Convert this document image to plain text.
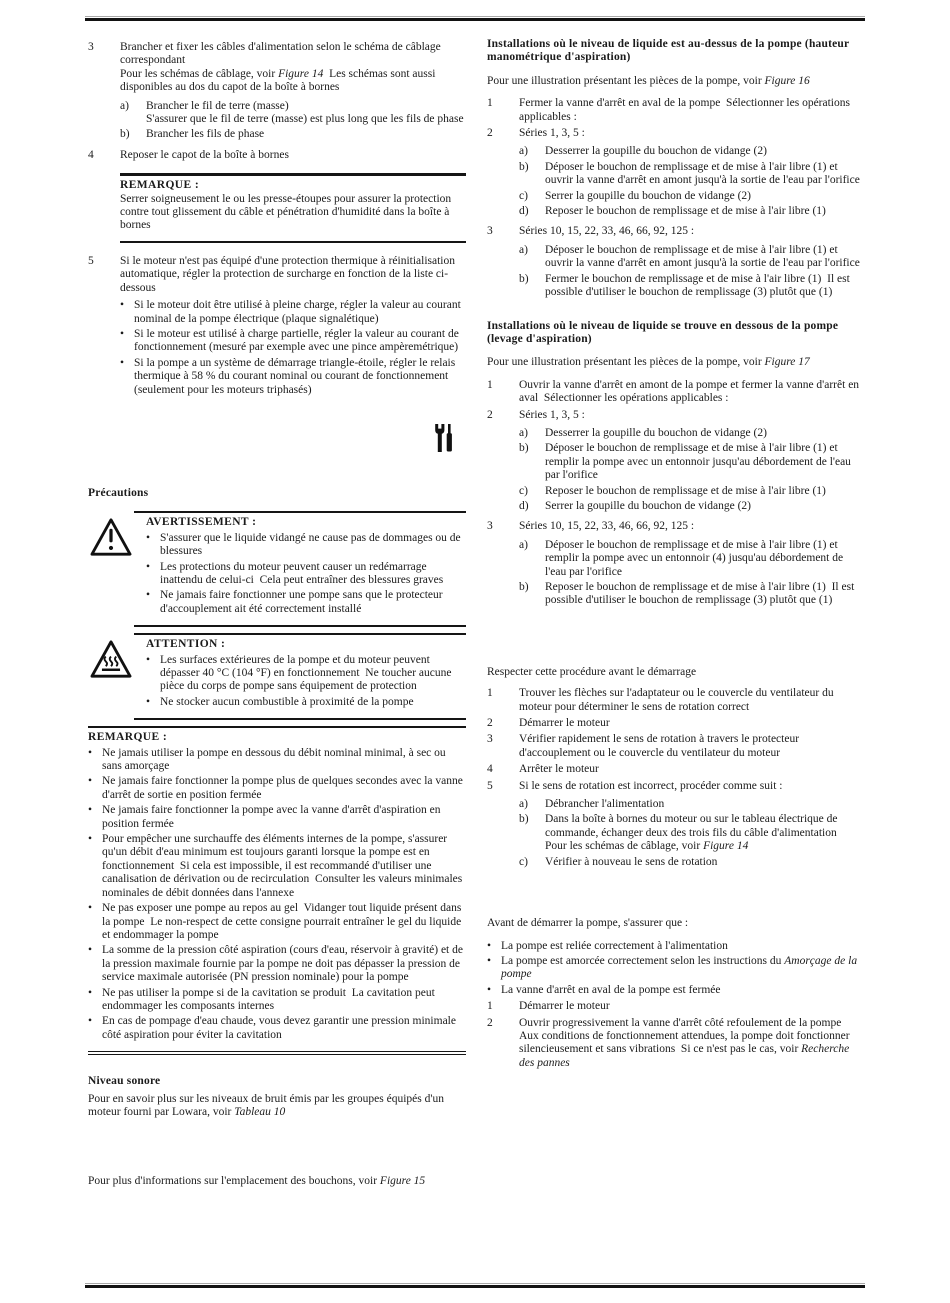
3	Brancher et fixer les câbles d'alimentation selon le schéma de câblage correspondant
Pour les schémas de câblage, voir Figure 14  Les schémas sont aussi disponibles au dos du capot de la boîte à bornes
a)	Brancher le fil de terre (masse)
S'assurer que le fil de terre (masse) est plus long que les fils de phase
b)	Brancher les fils de phase
4	Reposer le capot de la boîte à bornes
REMARQUE :
Serrer soigneusement le ou les presse-étoupes pour assurer la protection contre tout glissement du câble et pénétration d'humidité dans la boîte à bornes
5	Si le moteur n'est pas équipé d'une protection thermique à réinitialisation automatique, régler la protection de surcharge en fonction de la liste ci-dessous
• Si le moteur doit être utilisé à pleine charge, régler la valeur au courant nominal de la pompe électrique (plaque signalétique)
• Si le moteur est utilisé à charge partielle, régler la valeur au courant de fonctionnement (mesuré par exemple avec une pince ampèremétrique)
• Si la pompe a un système de démarrage triangle-étoile, régler le relais thermique à 58 % du courant nominal ou courant de fonctionnement (seulement pour les moteurs triphasés)
Précautions
AVERTISSEMENT :
• S'assurer que le liquide vidangé ne cause pas de dommages ou de blessures
• Les protections du moteur peuvent causer un redémarrage inattendu de celui-ci  Cela peut entraîner des blessures graves
• Ne jamais faire fonctionner une pompe sans que le protecteur d'accouplement ait été correctement installé
ATTENTION :
• Les surfaces extérieures de la pompe et du moteur peuvent dépasser 40 °C (104 °F) en fonctionnement  Ne toucher aucune pièce du corps de pompe sans équipement de protection
• Ne stocker aucun combustible à proximité de la pompe
REMARQUE :
• Ne jamais utiliser la pompe en dessous du débit nominal minimal, à sec ou sans amorçage
• Ne jamais faire fonctionner la pompe plus de quelques secondes avec la vanne d'arrêt de sortie en position fermée
• Ne jamais faire fonctionner la pompe avec la vanne d'arrêt d'aspiration en position fermée
• Pour empêcher une surchauffe des éléments internes de la pompe, s'assurer qu'un débit d'eau minimum est toujours garanti lorsque la pompe est en fonctionnement  Si cela est impossible, il est recommandé d'utiliser une canalisation de dérivation ou de recirculation  Consulter les valeurs minimales nominales de débit données dans l'annexe
• Ne pas exposer une pompe au repos au gel  Vidanger tout liquide présent dans la pompe  Le non-respect de cette consigne pourrait entraîner le gel du liquide et endommager la pompe
• La somme de la pression côté aspiration (cours d'eau, réservoir à gravité) et de la pression maximale fournie par la pompe ne doit pas dépasser la pression de service maximale autorisée (PN pression nominale) pour la pompe
• Ne pas utiliser la pompe si de la cavitation se produit  La cavitation peut endommager les composants internes
• En cas de pompage d'eau chaude, vous devez garantir une pression minimale côté aspiration pour éviter la cavitation
Niveau sonore
Pour en savoir plus sur les niveaux de bruit émis par les groupes équipés d'un moteur fourni par Lowara, voir Tableau 10
Pour plus d'informations sur l'emplacement des bouchons, voir Figure 15
Installations où le niveau de liquide est au-dessus de la pompe (hauteur manométrique d'aspiration)
Pour une illustration présentant les pièces de la pompe, voir Figure 16
1	Fermer la vanne d'arrêt en aval de la pompe  Sélectionner les opérations applicables :
2	Séries 1, 3, 5 :
a)	Desserrer la goupille du bouchon de vidange (2)
b)	Déposer le bouchon de remplissage et de mise à l'air libre (1) et ouvrir la vanne d'arrêt en amont jusqu'à la sortie de l'eau par l'orifice
c)	Serrer la goupille du bouchon de vidange (2)
d)	Reposer le bouchon de remplissage et de mise à l'air libre (1)
3	Séries 10, 15, 22, 33, 46, 66, 92, 125 :
a)	Déposer le bouchon de remplissage et de mise à l'air libre (1) et ouvrir la vanne d'arrêt en amont jusqu'à la sortie de l'eau par l'orifice
b)	Fermer le bouchon de remplissage et de mise à l'air libre (1)  Il est possible d'utiliser le bouchon de remplissage (3) plutôt que (1)
Installations où le niveau de liquide se trouve en dessous de la pompe (levage d'aspiration)
Pour une illustration présentant les pièces de la pompe, voir Figure 17
1	Ouvrir la vanne d'arrêt en amont de la pompe et fermer la vanne d'arrêt en aval  Sélectionner les opérations applicables :
2	Séries 1, 3, 5 :
a)	Desserrer la goupille du bouchon de vidange (2)
b)	Déposer le bouchon de remplissage et de mise à l'air libre (1) et remplir la pompe avec un entonnoir jusqu'au débordement de l'eau par l'orifice
c)	Reposer le bouchon de remplissage et de mise à l'air libre (1)
d)	Serrer la goupille du bouchon de vidange (2)
3	Séries 10, 15, 22, 33, 46, 66, 92, 125 :
a)	Déposer le bouchon de remplissage et de mise à l'air libre (1) et remplir la pompe avec un entonnoir (4) jusqu'au débordement de l'eau par l'orifice
b)	Reposer le bouchon de remplissage et de mise à l'air libre (1)  Il est possible d'utiliser le bouchon de remplissage (3) plutôt que (1)
Respecter cette procédure avant le démarrage
1	Trouver les flèches sur l'adaptateur ou le couvercle du ventilateur du moteur pour déterminer le sens de rotation correct
2	Démarrer le moteur
3	Vérifier rapidement le sens de rotation à travers le protecteur d'accouplement ou le couvercle du ventilateur du moteur
4	Arrêter le moteur
5	Si le sens de rotation est incorrect, procéder comme suit :
a)	Débrancher l'alimentation
b)	Dans la boîte à bornes du moteur ou sur le tableau électrique de commande, échanger deux des trois fils du câble d'alimentation
Pour les schémas de câblage, voir Figure 14
c)	Vérifier à nouveau le sens de rotation
Avant de démarrer la pompe, s'assurer que :
• La pompe est reliée correctement à l'alimentation
• La pompe est amorcée correctement selon les instructions du Amorçage de la pompe
• La vanne d'arrêt en aval de la pompe est fermée
1	Démarrer le moteur
2	Ouvrir progressivement la vanne d'arrêt côté refoulement de la pompe
Aux conditions de fonctionnement attendues, la pompe doit fonctionner silencieusement et sans vibrations  Si ce n'est pas le cas, voir Recherche des pannes
